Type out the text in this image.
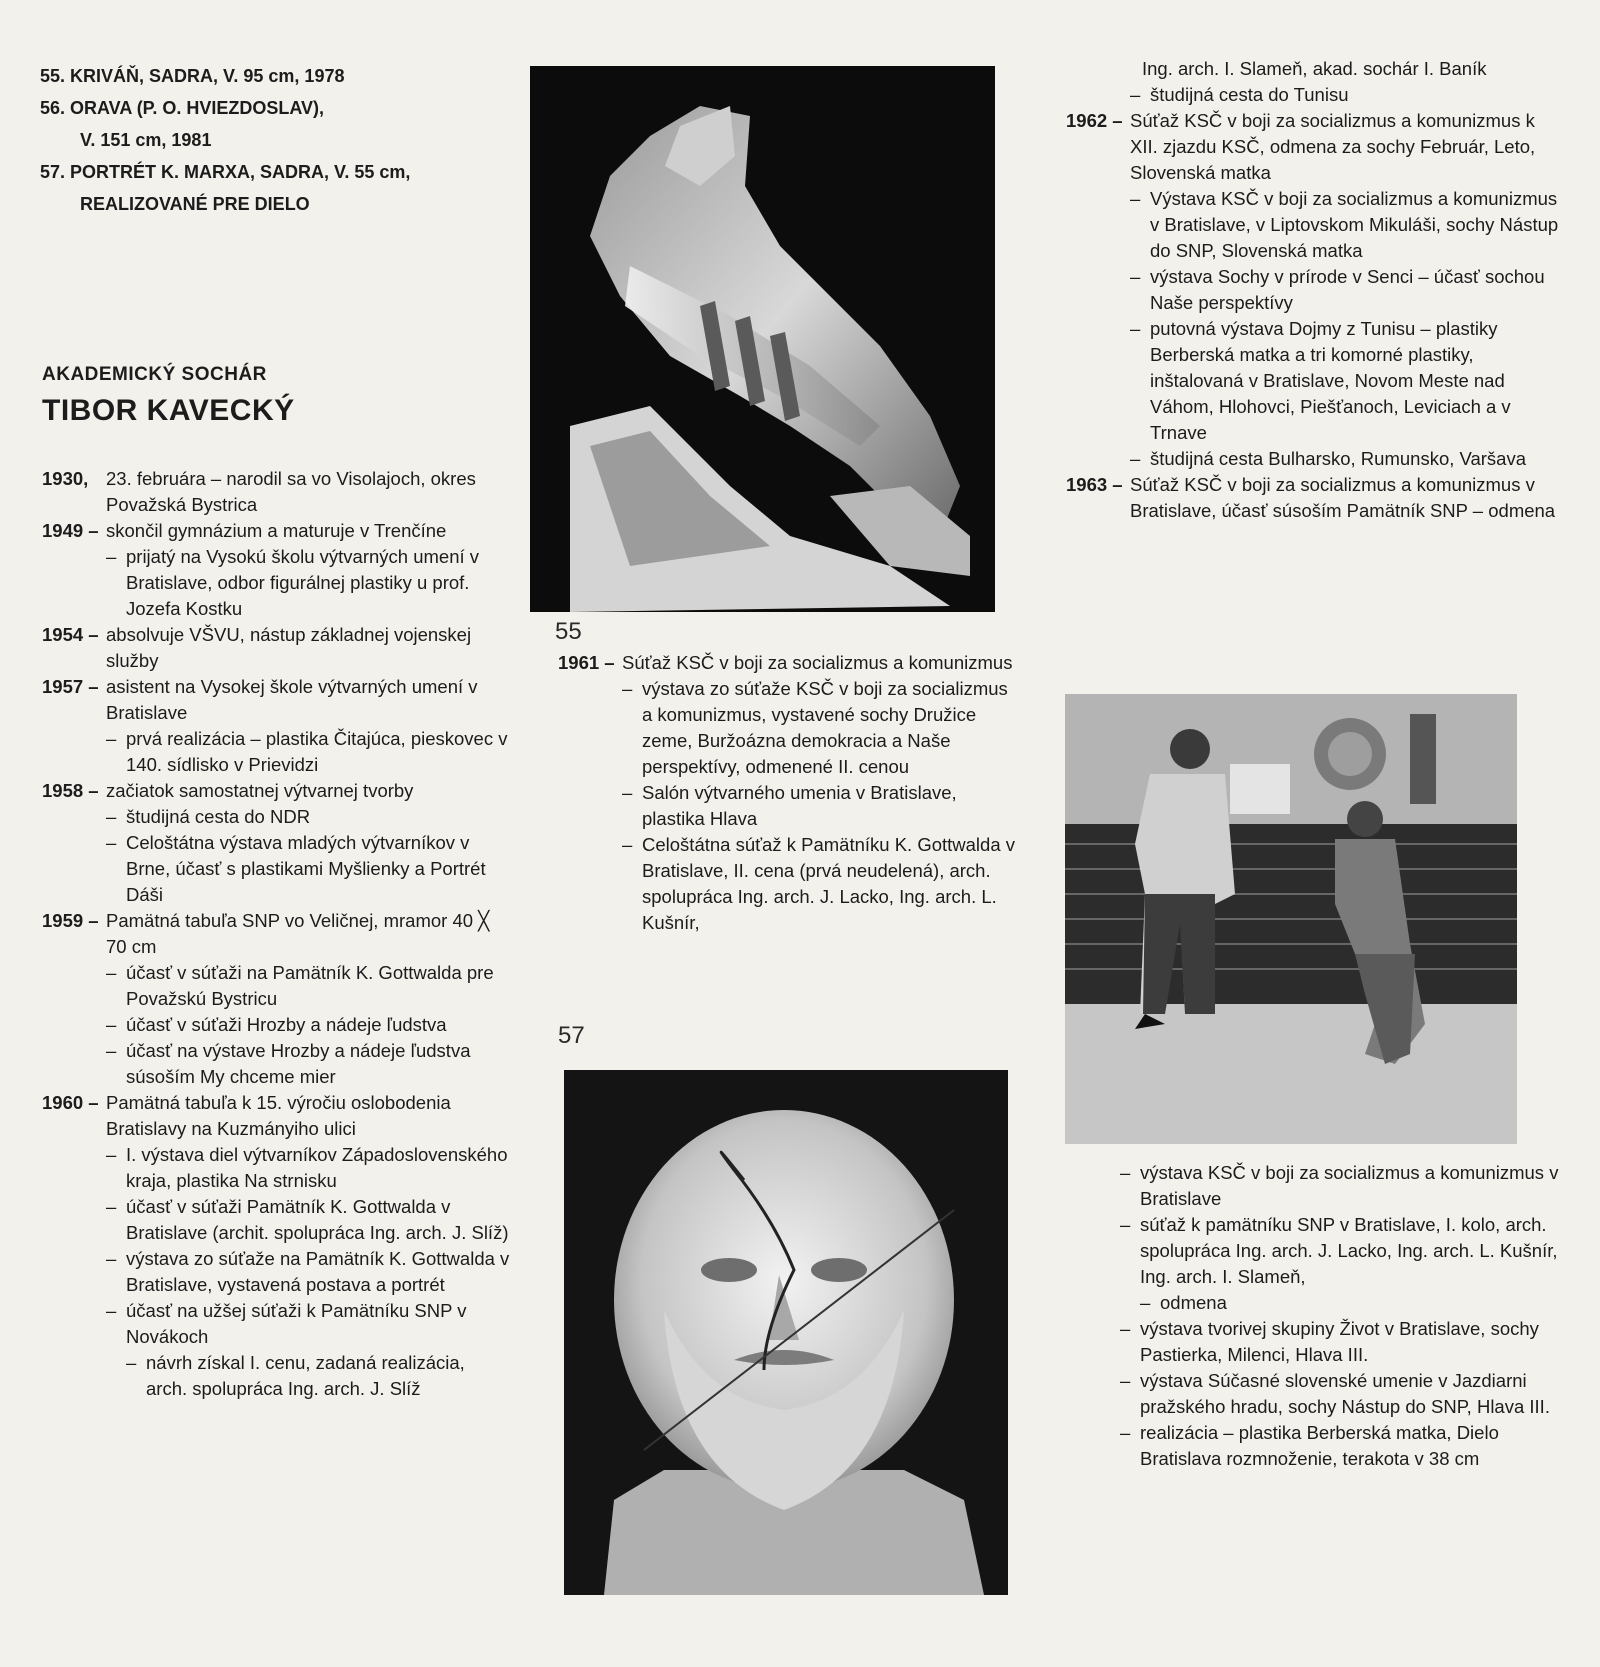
55. KRIVÁŇ, SADRA, V. 95 cm, 1978
56. ORAVA (P. O. HVIEZDOSLAV),
V. 151 cm, 1981
57. PORTRÉT K. MARXA, SADRA, V. 55 cm,
REALIZOVANÉ PRE DIELO
AKADEMICKÝ SOCHÁR
TIBOR KAVECKÝ
1930, 23. februára – narodil sa vo Visolajoch, okres Považská Bystrica
1949 – skončil gymnázium a maturuje v Trenčíne
– prijatý na Vysokú školu výtvarných umení v Bratislave, odbor figurálnej plastiky u prof. Jozefa Kostku
1954 – absolvuje VŠVU, nástup základnej vojenskej služby
1957 – asistent na Vysokej škole výtvarných umení v Bratislave
– prvá realizácia – plastika Čitajúca, pieskovec v 140. sídlisko v Prievidzi
1958 – začiatok samostatnej výtvarnej tvorby
– študijná cesta do NDR
– Celoštátna výstava mladých výtvarníkov v Brne, účasť s plastikami Myšlienky a Portrét Dáši
1959 – Pamätná tabuľa SNP vo Veličnej, mramor 40 ╳ 70 cm
– účasť v súťaži na Pamätník K. Gottwalda pre Považskú Bystricu
– účasť v súťaži Hrozby a nádeje ľudstva
– účasť na výstave Hrozby a nádeje ľudstva súsoším My chceme mier
1960 – Pamätná tabuľa k 15. výročiu oslobodenia Bratislavy na Kuzmányiho ulici
– I. výstava diel výtvarníkov Západoslovenského kraja, plastika Na strnisku
– účasť v súťaži Pamätník K. Gottwalda v Bratislave (archit. spolupráca Ing. arch. J. Slíž)
– výstava zo súťaže na Pamätník K. Gottwalda v Bratislave, vystavená postava a portrét
– účasť na užšej súťaži k Pamätníku SNP v Novákoch
– návrh získal I. cenu, zadaná realizácia, arch. spolupráca Ing. arch. J. Slíž
55
1961 – Súťaž KSČ v boji za socializmus a komunizmus
– výstava zo súťaže KSČ v boji za socializmus a komunizmus, vystavené sochy Družice zeme, Buržoázna demokracia a Naše perspektívy, odmenené II. cenou
– Salón výtvarného umenia v Bratislave, plastika Hlava
– Celoštátna súťaž k Pamätníku K. Gottwalda v Bratislave, II. cena (prvá neudelená), arch. spolupráca Ing. arch. J. Lacko, Ing. arch. L. Kušnír,
57
Ing. arch. I. Slameň, akad. sochár I. Baník
– študijná cesta do Tunisu
1962 – Súťaž KSČ v boji za socializmus a komunizmus k XII. zjazdu KSČ, odmena za sochy Február, Leto, Slovenská matka
– Výstava KSČ v boji za socializmus a komunizmus v Bratislave, v Liptovskom Mikuláši, sochy Nástup do SNP, Slovenská matka
– výstava Sochy v prírode v Senci – účasť sochou Naše perspektívy
– putovná výstava Dojmy z Tunisu – plastiky Berberská matka a tri komorné plastiky, inštalovaná v Bratislave, Novom Meste nad Váhom, Hlohovci, Piešťanoch, Leviciach a v Trnave
– študijná cesta Bulharsko, Rumunsko, Varšava
1963 – Súťaž KSČ v boji za socializmus a komunizmus v Bratislave, účasť súsoším Pamätník SNP – odmena
– výstava KSČ v boji za socializmus a komunizmus v Bratislave
– súťaž k pamätníku SNP v Bratislave, I. kolo, arch. spolupráca Ing. arch. J. Lacko, Ing. arch. L. Kušnír, Ing. arch. I. Slameň,
– odmena
– výstava tvorivej skupiny Život v Bratislave, sochy Pastierka, Milenci, Hlava III.
– výstava Súčasné slovenské umenie v Jazdiarni pražského hradu, sochy Nástup do SNP, Hlava III.
– realizácia – plastika Berberská matka, Dielo Bratislava rozmnoženie, terakota v 38 cm
